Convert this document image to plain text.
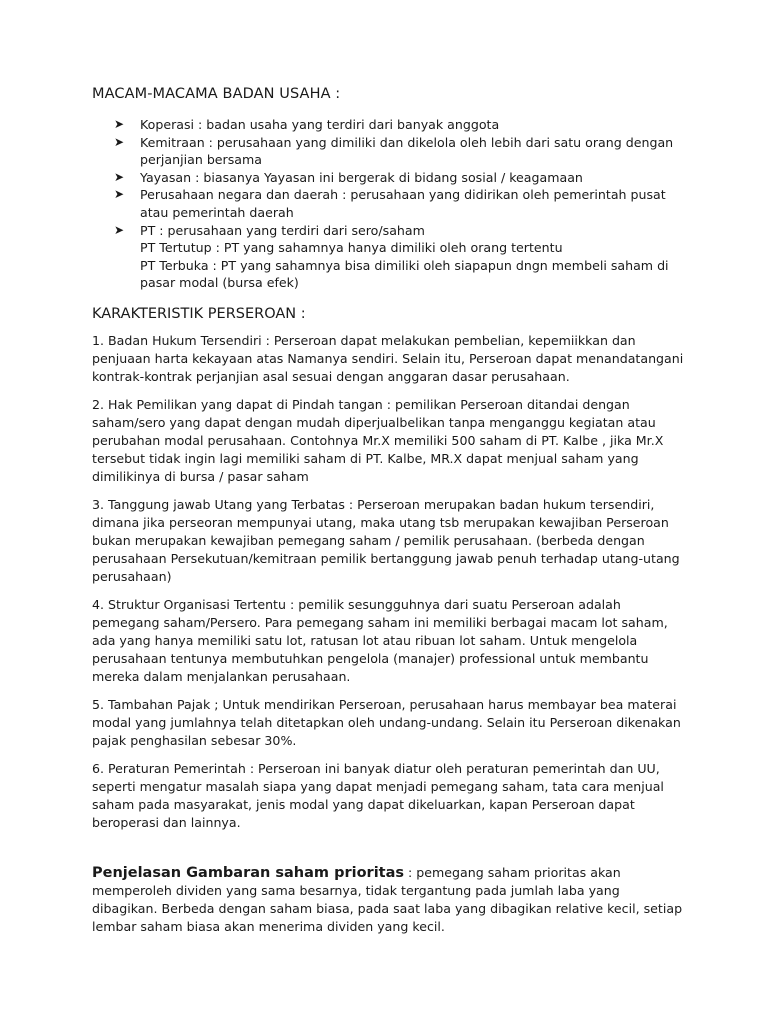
MACAM-MACAMA BADAN USAHA :
➤ Koperasi : badan usaha yang terdiri dari banyak anggota
➤ Kemitraan : perusahaan yang dimiliki dan dikelola oleh lebih dari satu orang dengan perjanjian bersama
➤ Yayasan : biasanya Yayasan ini bergerak di bidang sosial / keagamaan
➤ Perusahaan negara dan daerah : perusahaan yang didirikan oleh pemerintah pusat atau pemerintah daerah
➤ PT : perusahaan yang terdiri dari sero/saham
PT Tertutup : PT yang sahamnya hanya dimiliki oleh orang tertentu
PT Terbuka : PT yang sahamnya bisa dimiliki oleh siapapun dngn membeli saham di pasar modal (bursa efek)
KARAKTERISTIK PERSEROAN :

1. Badan Hukum Tersendiri : Perseroan dapat melakukan pembelian, kepemiikkan dan penjuaan harta kekayaan atas Namanya sendiri. Selain itu, Perseroan dapat menandatangani kontrak-kontrak perjanjian asal sesuai dengan anggaran dasar perusahaan.

2. Hak Pemilikan yang dapat di Pindah tangan : pemilikan Perseroan ditandai dengan saham/sero yang dapat dengan mudah diperjualbelikan tanpa menganggu kegiatan atau perubahan modal perusahaan. Contohnya Mr.X memiliki 500 saham di PT. Kalbe , jika Mr.X tersebut tidak ingin lagi memiliki saham di PT. Kalbe, MR.X dapat menjual saham yang dimilikinya di bursa / pasar saham

3. Tanggung jawab Utang yang Terbatas : Perseroan merupakan badan hukum tersendiri, dimana jika perseoran mempunyai utang, maka utang tsb merupakan kewajiban Perseroan bukan merupakan kewajiban pemegang saham / pemilik perusahaan. (berbeda dengan perusahaan Persekutuan/kemitraan pemilik bertanggung jawab penuh terhadap utang-utang perusahaan)

4. Struktur Organisasi Tertentu : pemilik sesungguhnya dari suatu Perseroan adalah pemegang saham/Persero. Para pemegang saham ini memiliki berbagai macam lot saham, ada yang hanya memiliki satu lot, ratusan lot atau ribuan lot saham. Untuk mengelola perusahaan tentunya membutuhkan pengelola (manajer) professional untuk membantu mereka dalam menjalankan perusahaan.

5. Tambahan Pajak ; Untuk mendirikan Perseroan, perusahaan harus membayar bea materai modal yang jumlahnya telah ditetapkan oleh undang-undang. Selain itu Perseroan dikenakan pajak penghasilan sebesar 30%.

6. Peraturan Pemerintah : Perseroan ini banyak diatur oleh peraturan pemerintah dan UU, seperti mengatur masalah siapa yang dapat menjadi pemegang saham, tata cara menjual saham pada masyarakat, jenis modal yang dapat dikeluarkan, kapan Perseroan dapat beroperasi dan lainnya.

Penjelasan Gambaran saham prioritas : pemegang saham prioritas akan memperoleh dividen yang sama besarnya, tidak tergantung pada jumlah laba yang dibagikan. Berbeda dengan saham biasa, pada saat laba yang dibagikan relative kecil, setiap lembar saham biasa akan menerima dividen yang kecil.
